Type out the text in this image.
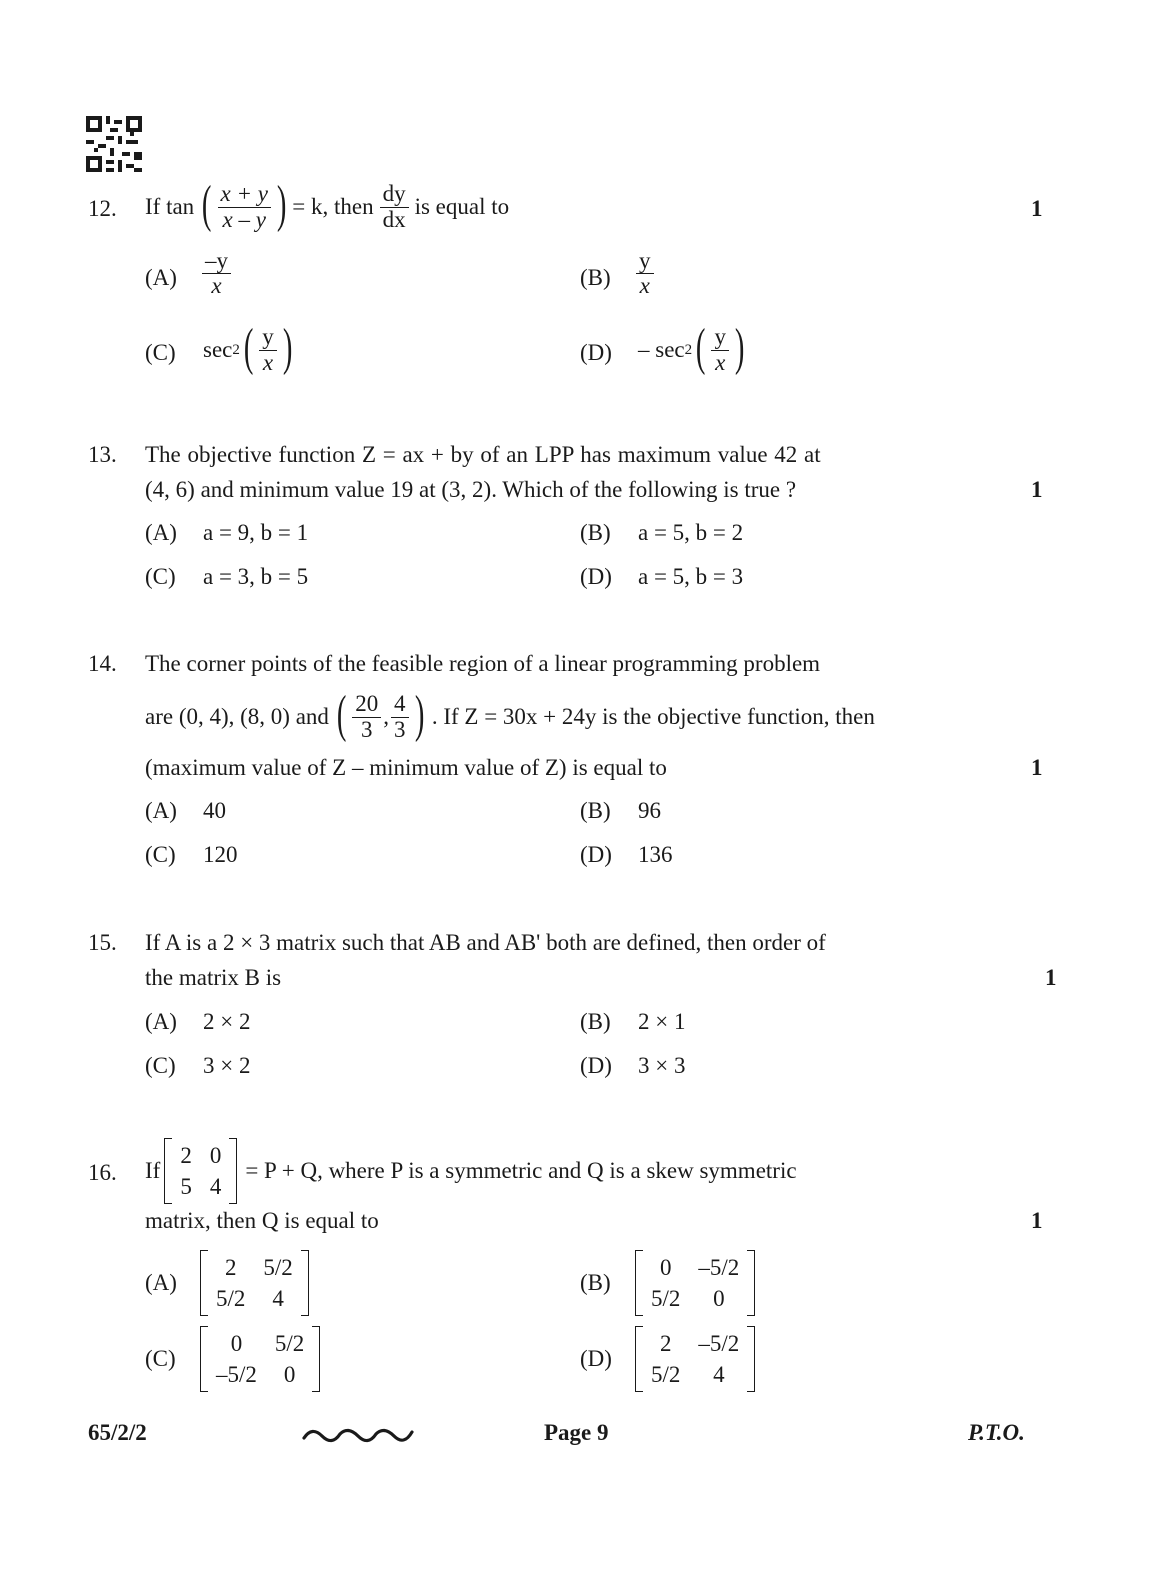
12. If tan ( $\frac{x + y}{x - y}$ ) = k, then $\frac{dy}{dx}$ is equal to	1
$(A) \frac{-y}{x}$	$(B) \frac{y}{x}$
(C) sec 2 ( $\frac{y}{x}$ )	(D) – sec 2 ( $\frac{y}{x}$ )
13. The objective function Z = ax + by of an LPP has maximum value 42 at
(4, 6) and minimum value 19 at (3, 2). Which of the following is true ?	1
(A) a = 9, b = 1	(B) a = 5, b = 2
(C) a = 3, b = 5	(D) a = 5, b = 3
14. The corner points of the feasible region of a linear programming problem
are (0, 4), (8, 0) and ( $\frac{20}{3}$ , $\frac{4}{3}$ ) . If Z = 30x + 24y is the objective function, then
(maximum value of Z – minimum value of Z) is equal to	1
(A) 40	(B) 96
(C) 120	(D) 136
15. If A is a 2 × 3 matrix such that AB and AB' both are defined, then order of
the matrix B is	1
(A) 2 × 2	(B) 2 × 1
(C) 3 × 2	(D) 3 × 3
16. If
2 0
5 4
= P + Q, where P is a symmetric and Q is a skew symmetric
matrix, then Q is equal to	1
(A)
2	5/2
5/2	4
(B)
0	–5/2
5/2	0
(C)
0	5/2
–5/2	0
(D)
2	–5/2
5/2	4
65/2/2	Page 9	P.T.O.
